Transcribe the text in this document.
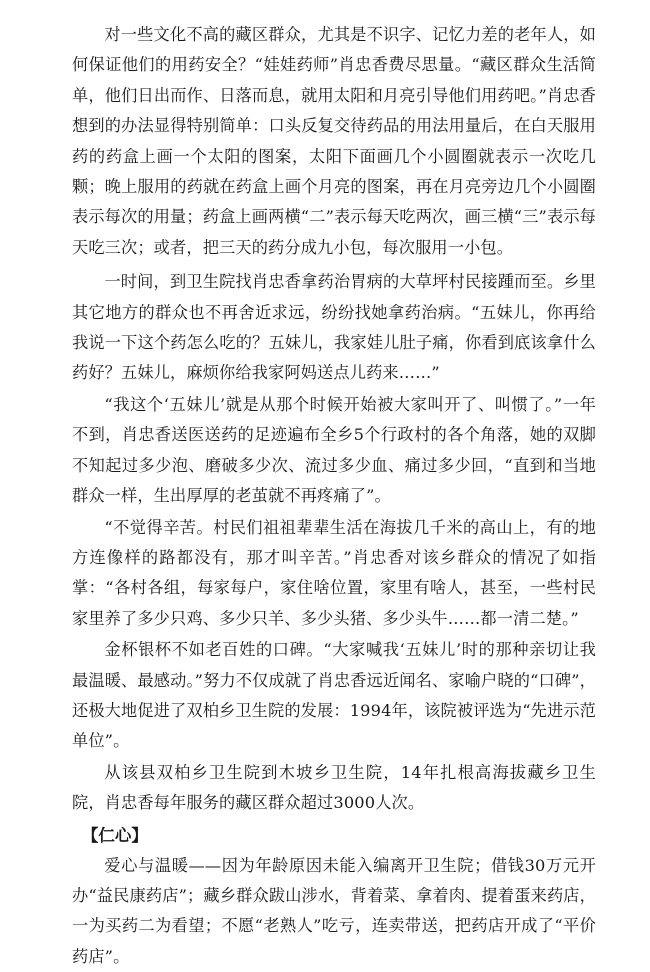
对一些文化不高的藏区群众，尤其是不识字、记忆力差的老年人，如何保证他们的用药安全？“娃娃药师”肖忠香费尽思量。“藏区群众生活简单，他们日出而作、日落而息，就用太阳和月亮引导他们用药吧。”肖忠香想到的办法显得特别简单：口头反复交待药品的用法用量后，在白天服用药的药盒上画一个太阳的图案，太阳下面画几个小圆圈就表示一次吃几颗；晚上服用的药就在药盒上画个月亮的图案，再在月亮旁边几个小圆圈表示每次的用量；药盒上画两横“二”表示每天吃两次，画三横“三”表示每天吃三次；或者，把三天的药分成九小包，每次服用一小包。

一时间，到卫生院找肖忠香拿药治胃病的大草坪村民接踵而至。乡里其它地方的群众也不再舍近求远，纷纷找她拿药治病。“五妹儿，你再给我说一下这个药怎么吃的？五妹儿，我家娃儿肚子痛，你看到底该拿什么药好？五妹儿，麻烦你给我家阿妈送点儿药来……”

“我这个‘五妹儿’就是从那个时候开始被大家叫开了、叫惯了。”一年不到，肖忠香送医送药的足迹遍布全乡5个行政村的各个角落，她的双脚不知起过多少泡、磨破多少次、流过多少血、痛过多少回，“直到和当地群众一样，生出厚厚的老茧就不再疼痛了”。

“不觉得辛苦。村民们祖祖辈辈生活在海拔几千米的高山上，有的地方连像样的路都没有，那才叫辛苦。”肖忠香对该乡群众的情况了如指掌：“各村各组，每家每户，家住啥位置，家里有啥人，甚至，一些村民家里养了多少只鸡、多少只羊、多少头猪、多少头牛……都一清二楚。”

金杯银杯不如老百姓的口碑。“大家喊我‘五妹儿’时的那种亲切让我最温暖、最感动。”努力不仅成就了肖忠香远近闻名、家喻户晓的“口碑”，还极大地促进了双柏乡卫生院的发展：1994年，该院被评选为“先进示范单位”。

从该县双柏乡卫生院到木坡乡卫生院，14年扎根高海拔藏乡卫生院，肖忠香每年服务的藏区群众超过3000人次。

【仁心】

爱心与温暖——因为年龄原因未能入编离开卫生院；借钱30万元开办“益民康药店”；藏乡群众跋山涉水，背着菜、拿着肉、提着蛋来药店，一为买药二为看望；不愿“老熟人”吃亏，连卖带送，把药店开成了“平价药店”。
